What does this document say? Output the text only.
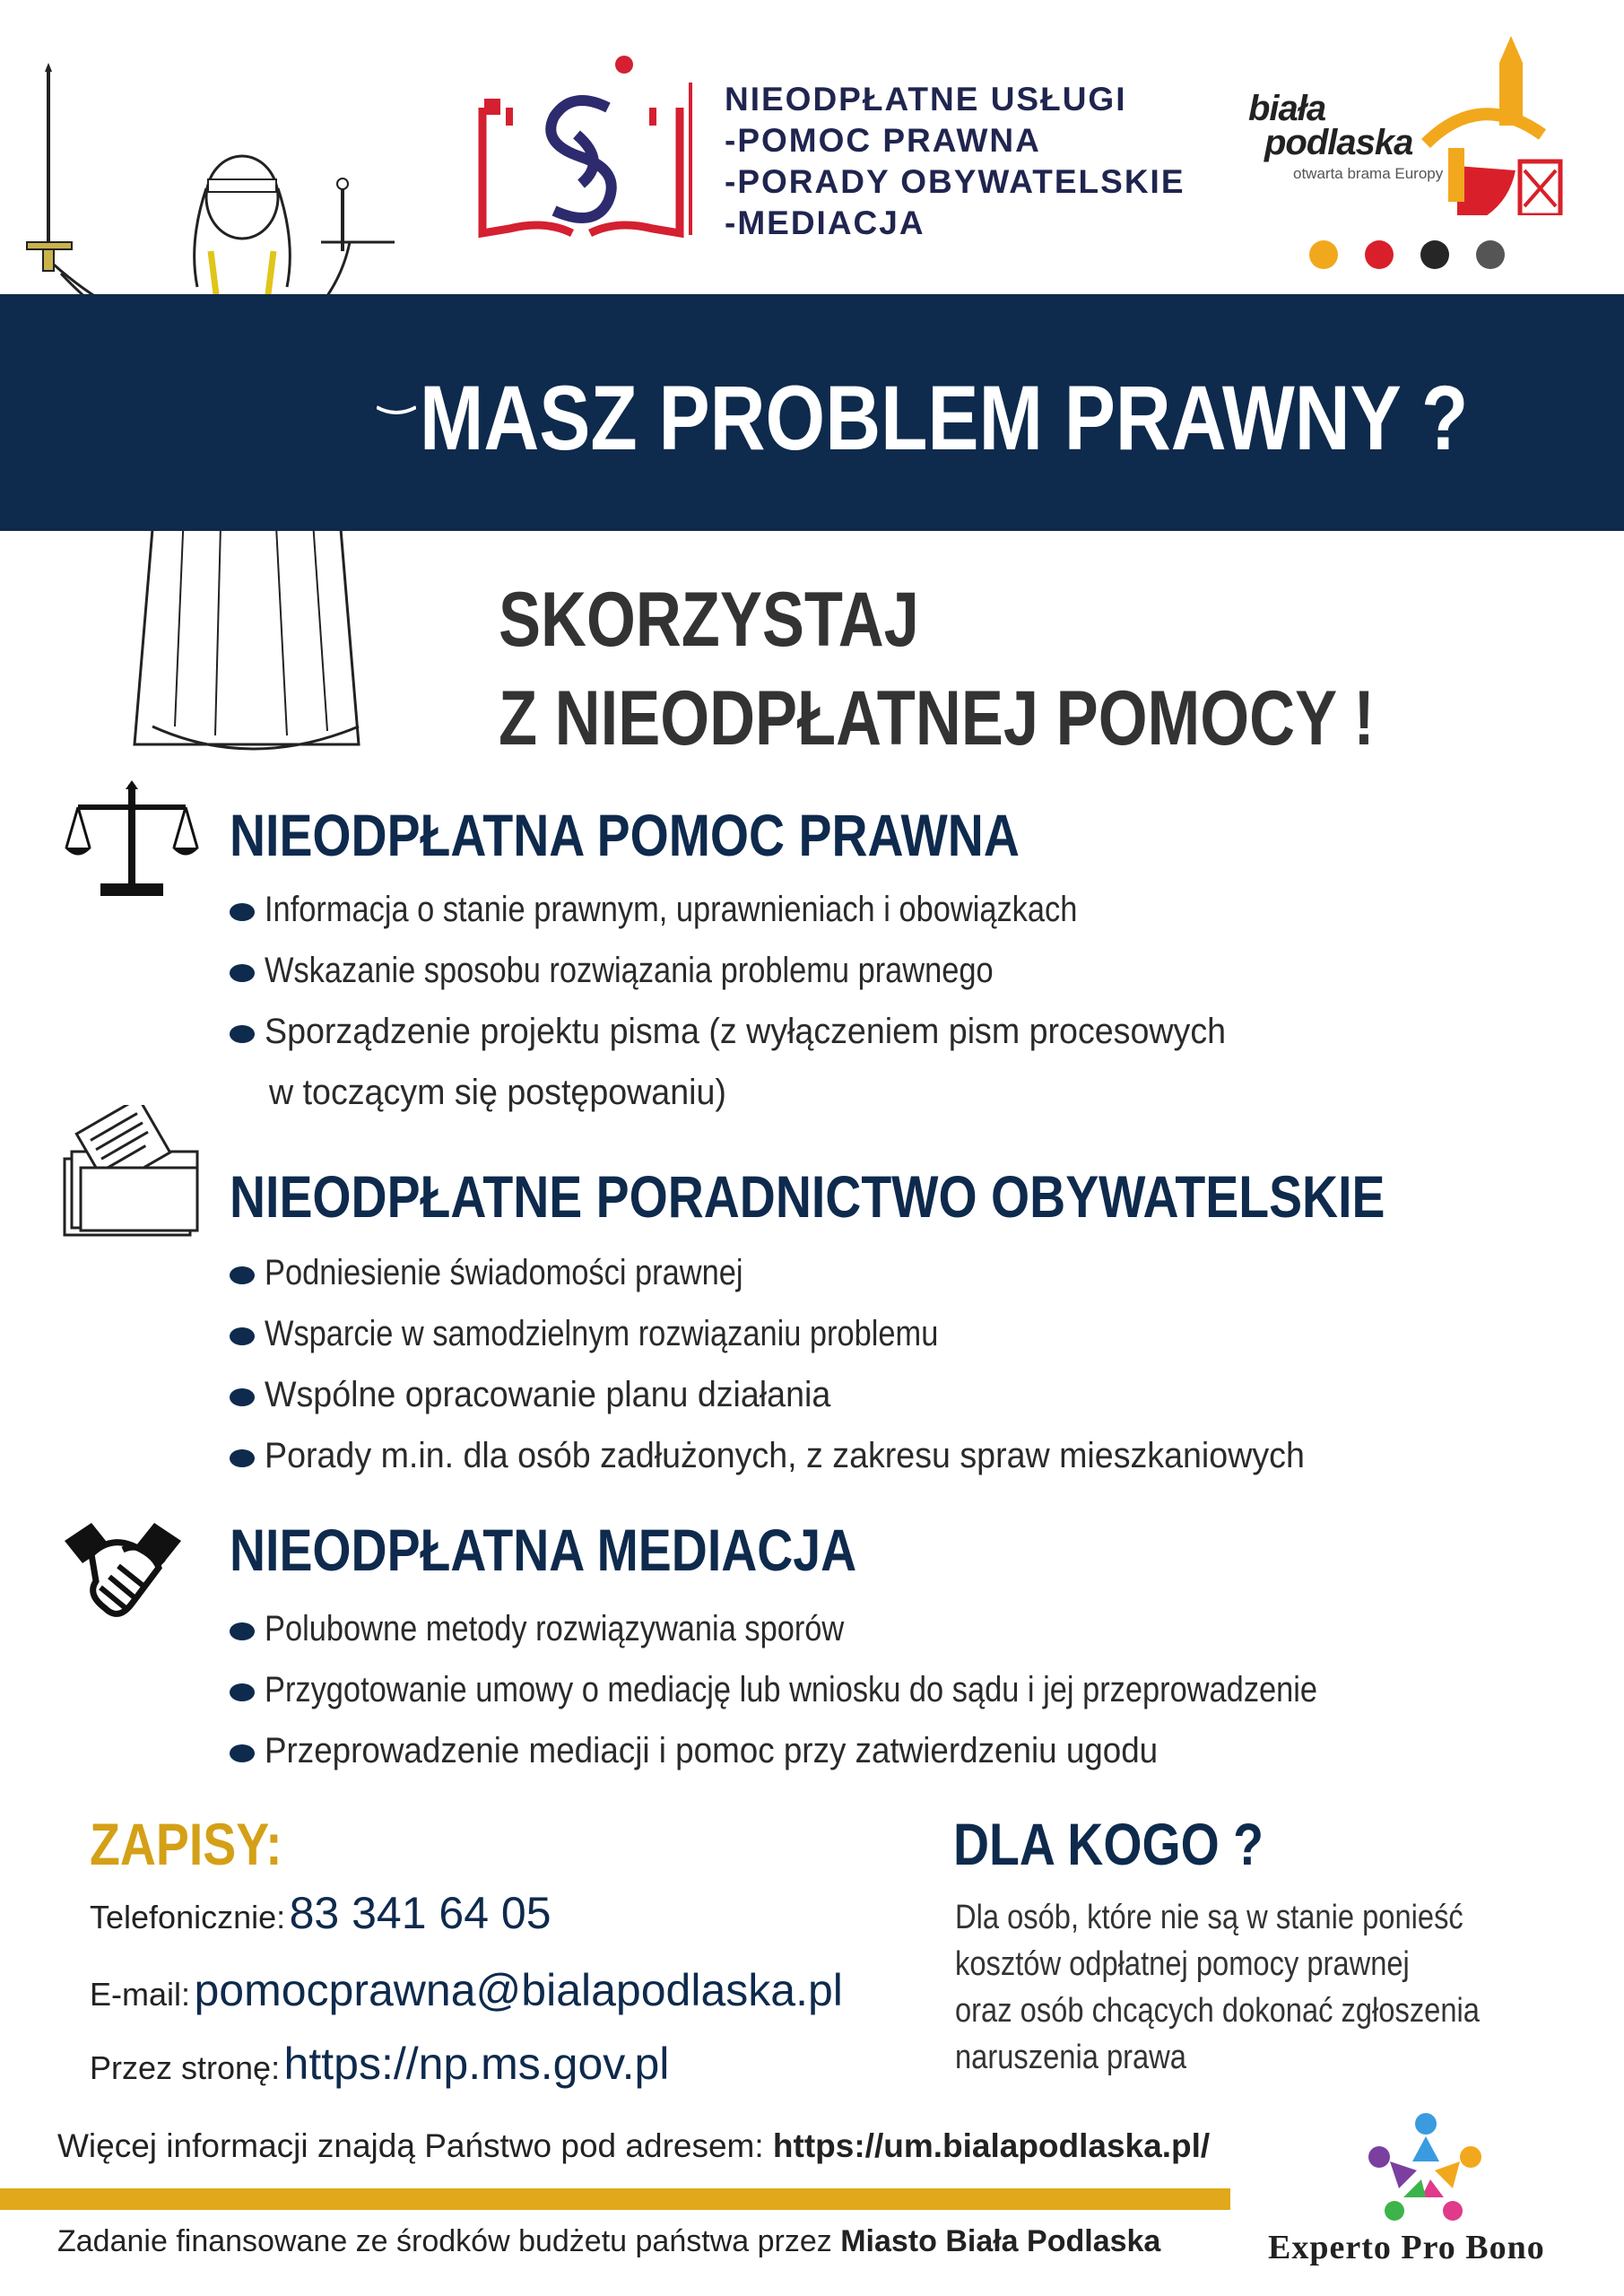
NIEODPŁATNE USŁUGI
-POMOC PRAWNA
-PORADY OBYWATELSKIE
-MEDIACJA
biała
podlaska
otwarta brama Europy
MASZ PROBLEM PRAWNY ?
SKORZYSTAJ
Z NIEODPŁATNEJ POMOCY !
NIEODPŁATNA POMOC PRAWNA
Informacja o stanie prawnym, uprawnieniach i obowiązkach
Wskazanie sposobu rozwiązania problemu prawnego
Sporządzenie projektu pisma (z wyłączeniem pism procesowych
w toczącym się postępowaniu)
NIEODPŁATNE PORADNICTWO OBYWATELSKIE
Podniesienie świadomości prawnej
Wsparcie w samodzielnym rozwiązaniu problemu
Wspólne opracowanie planu działania
Porady m.in. dla osób zadłużonych, z zakresu spraw mieszkaniowych
NIEODPŁATNA MEDIACJA
Polubowne metody rozwiązywania sporów
Przygotowanie umowy o mediację lub wniosku do sądu i jej przeprowadzenie
Przeprowadzenie mediacji i pomoc przy zatwierdzeniu ugodu
ZAPISY:
Telefonicznie: 83 341 64 05
E-mail: pomocprawna@bialapodlaska.pl
Przez stronę: https://np.ms.gov.pl
DLA KOGO ?
Dla osób, które nie są w stanie ponieść
kosztów odpłatnej pomocy prawnej
oraz osób chcących dokonać zgłoszenia
naruszenia prawa
Więcej informacji znajdą Państwo pod adresem: https://um.bialapodlaska.pl/
Zadanie finansowane ze środków budżetu państwa przez Miasto Biała Podlaska	Experto Pro Bono
